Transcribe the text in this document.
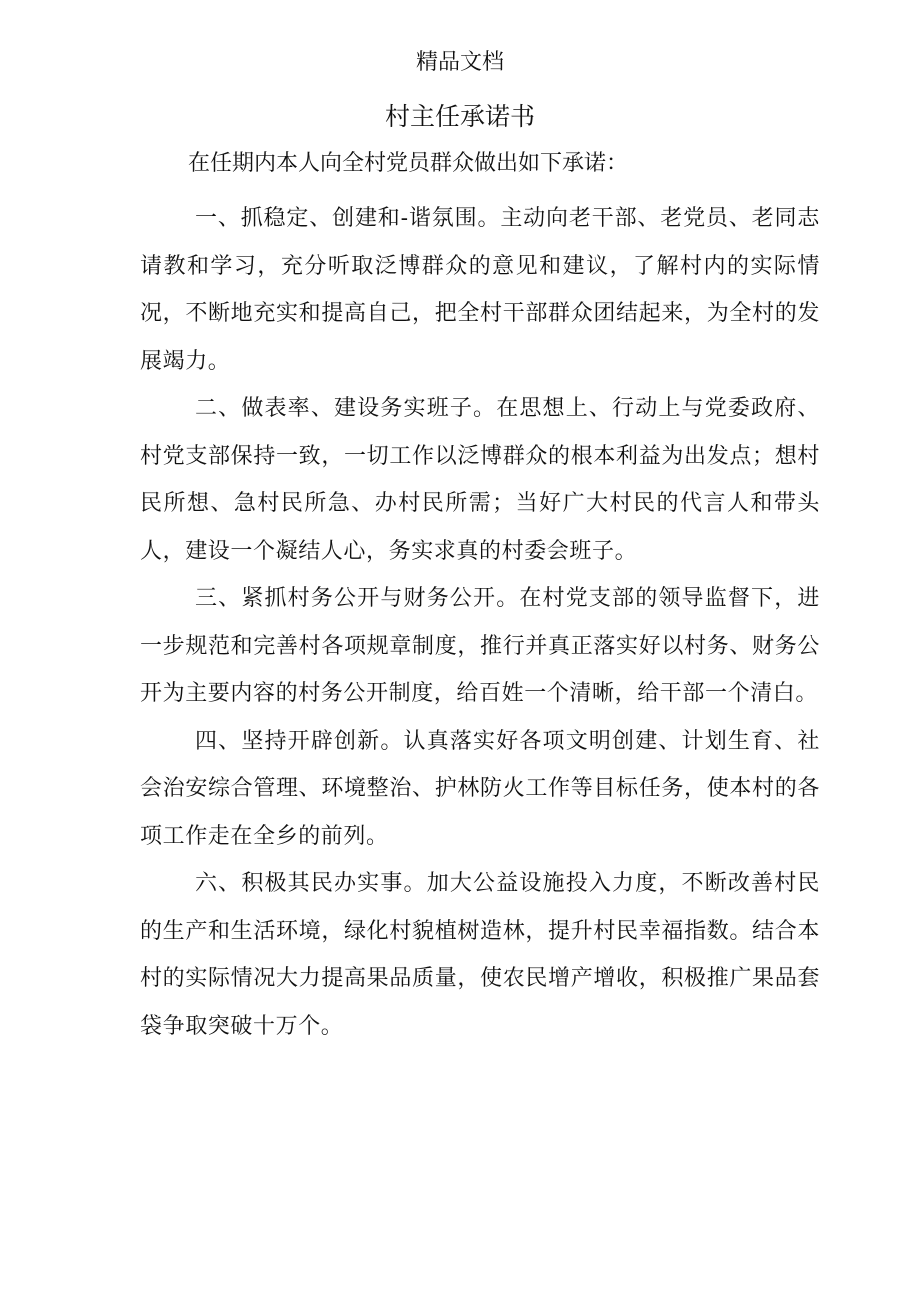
精品文档
村主任承诺书
在任期内本人向全村党员群众做出如下承诺：

一、抓稳定、创建和-谐氛围。主动向老干部、老党员、老同志请教和学习，充分听取泛博群众的意见和建议，了解村内的实际情况，不断地充实和提高自己，把全村干部群众团结起来，为全村的发展竭力。

二、做表率、建设务实班子。在思想上、行动上与党委政府、村党支部保持一致，一切工作以泛博群众的根本利益为出发点；想村民所想、急村民所急、办村民所需；当好广大村民的代言人和带头人，建设一个凝结人心，务实求真的村委会班子。

三、紧抓村务公开与财务公开。在村党支部的领导监督下，进一步规范和完善村各项规章制度，推行并真正落实好以村务、财务公开为主要内容的村务公开制度，给百姓一个清晰，给干部一个清白。

四、坚持开辟创新。认真落实好各项文明创建、计划生育、社会治安综合管理、环境整治、护林防火工作等目标任务，使本村的各项工作走在全乡的前列。

六、积极其民办实事。加大公益设施投入力度，不断改善村民的生产和生活环境，绿化村貌植树造林，提升村民幸福指数。结合本村的实际情况大力提高果品质量，使农民增产增收，积极推广果品套袋争取突破十万个。
